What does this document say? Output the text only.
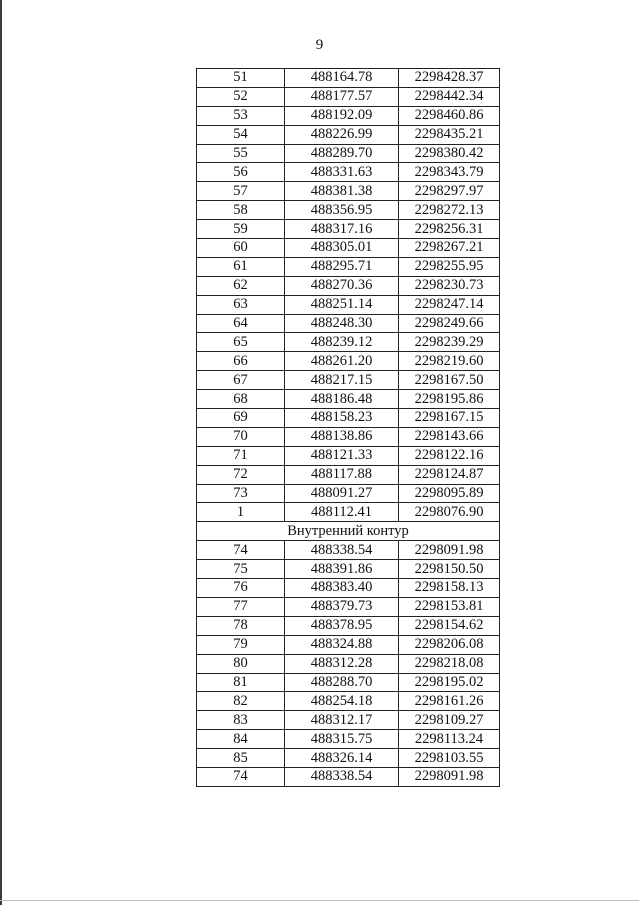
9
51	488164.78	2298428.37
52	488177.57	2298442.34
53	488192.09	2298460.86
54	488226.99	2298435.21
55	488289.70	2298380.42
56	488331.63	2298343.79
57	488381.38	2298297.97
58	488356.95	2298272.13
59	488317.16	2298256.31
60	488305.01	2298267.21
61	488295.71	2298255.95
62	488270.36	2298230.73
63	488251.14	2298247.14
64	488248.30	2298249.66
65	488239.12	2298239.29
66	488261.20	2298219.60
67	488217.15	2298167.50
68	488186.48	2298195.86
69	488158.23	2298167.15
70	488138.86	2298143.66
71	488121.33	2298122.16
72	488117.88	2298124.87
73	488091.27	2298095.89
1	488112.41	2298076.90
Внутренний контур		
74	488338.54	2298091.98
75	488391.86	2298150.50
76	488383.40	2298158.13
77	488379.73	2298153.81
78	488378.95	2298154.62
79	488324.88	2298206.08
80	488312.28	2298218.08
81	488288.70	2298195.02
82	488254.18	2298161.26
83	488312.17	2298109.27
84	488315.75	2298113.24
85	488326.14	2298103.55
74	488338.54	2298091.98
